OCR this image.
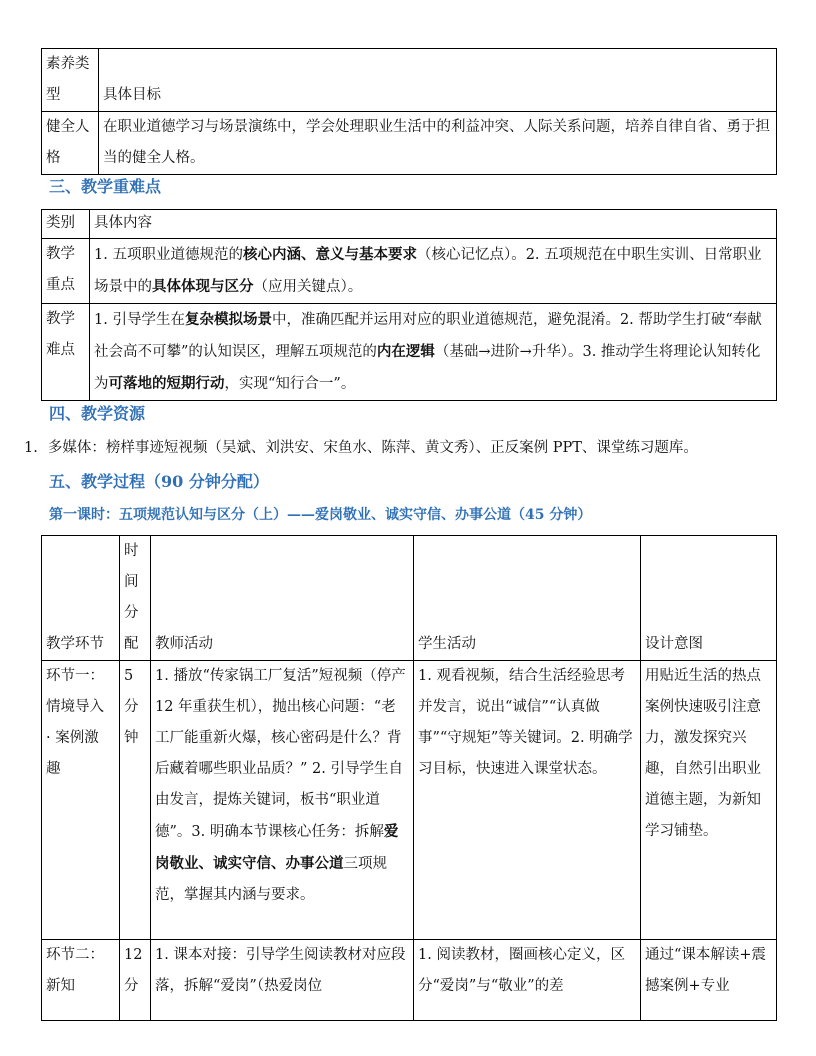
素养类型	具体目标
健全人格	在职业道德学习与场景演练中，学会处理职业生活中的利益冲突、人际关系问题，培养自律自省、勇于担当的健全人格。
三、教学重难点
类别	具体内容
教学重点	1. 五项职业道德规范的核心内涵、意义与基本要求（核心记忆点）。2. 五项规范在中职生实训、日常职业场景中的具体体现与区分（应用关键点）。
教学难点	1. 引导学生在复杂模拟场景中，准确匹配并运用对应的职业道德规范，避免混淆。2. 帮助学生打破“奉献社会高不可攀”的认知误区，理解五项规范的内在逻辑（基础→进阶→升华）。3. 推动学生将理论认知转化为可落地的短期行动，实现“知行合一”。
四、教学资源
1. 多媒体：榜样事迹短视频（吴斌、刘洪安、宋鱼水、陈萍、黄文秀）、正反案例 PPT、课堂练习题库。
五、教学过程（90 分钟分配）
第一课时：五项规范认知与区分（上）——爱岗敬业、诚实守信、办事公道（45 分钟）
教学环节	时间分配	教师活动	学生活动	设计意图

环节一：情境导入 · 案例激趣	5 分钟	1. 播放“传家锅工厂复活”短视频（停产 12 年重获生机），抛出核心问题：“老工厂能重新火爆，核心密码是什么？背后藏着哪些职业品质？” 2. 引导学生自由发言，提炼关键词，板书“职业道德”。3. 明确本节课核心任务：拆解爱岗敬业、诚实守信、办事公道三项规范，掌握其内涵与要求。	1. 观看视频，结合生活经验思考并发言，说出“诚信”“认真做事”“守规矩”等关键词。2. 明确学习目标，快速进入课堂状态。	用贴近生活的热点案例快速吸引注意力，激发探究兴趣，自然引出职业道德主题，为新知学习铺垫。

环节二：新知	12 分	1. 课本对接：引导学生阅读教材对应段落，拆解“爱岗”（热爱岗位	1. 阅读教材，圈画核心定义，区分“爱岗”与“敬业”的差	通过“课本解读+震撼案例+专业
